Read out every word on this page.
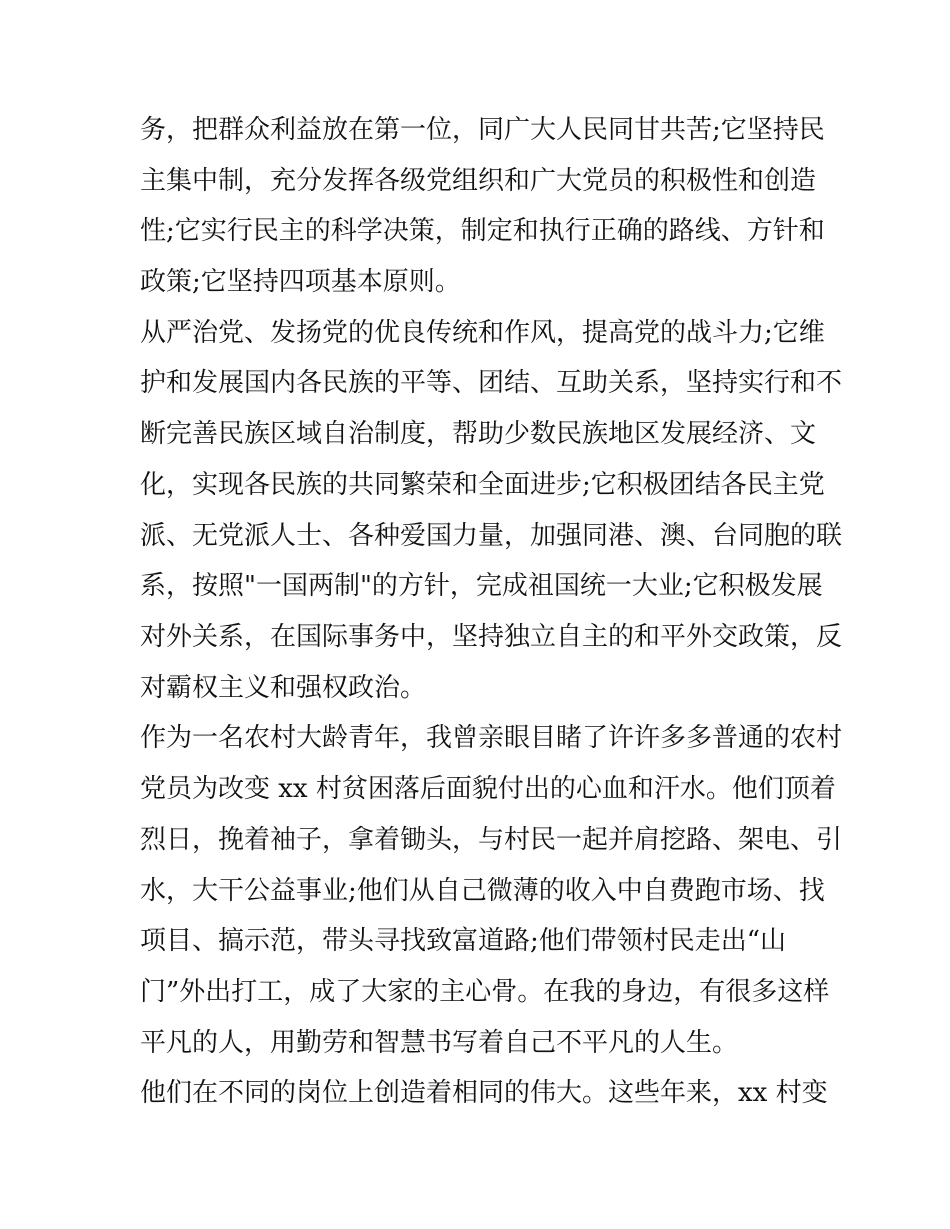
务，把群众利益放在第一位，同广大人民同甘共苦;它坚持民
主集中制，充分发挥各级党组织和广大党员的积极性和创造
性;它实行民主的科学决策，制定和执行正确的路线、方针和
政策;它坚持四项基本原则。
从严治党、发扬党的优良传统和作风，提高党的战斗力;它维
护和发展国内各民族的平等、团结、互助关系，坚持实行和不
断完善民族区域自治制度，帮助少数民族地区发展经济、文
化，实现各民族的共同繁荣和全面进步;它积极团结各民主党
派、无党派人士、各种爱国力量，加强同港、澳、台同胞的联
系，按照"一国两制"的方针，完成祖国统一大业;它积极发展
对外关系，在国际事务中，坚持独立自主的和平外交政策，反
对霸权主义和强权政治。
作为一名农村大龄青年，我曾亲眼目睹了许许多多普通的农村
党员为改变 xx 村贫困落后面貌付出的心血和汗水。他们顶着
烈日，挽着袖子，拿着锄头，与村民一起并肩挖路、架电、引
水，大干公益事业;他们从自己微薄的收入中自费跑市场、找
项目、搞示范，带头寻找致富道路;他们带领村民走出“山
门”外出打工，成了大家的主心骨。在我的身边，有很多这样
平凡的人，用勤劳和智慧书写着自己不平凡的人生。
他们在不同的岗位上创造着相同的伟大。这些年来，xx 村变
